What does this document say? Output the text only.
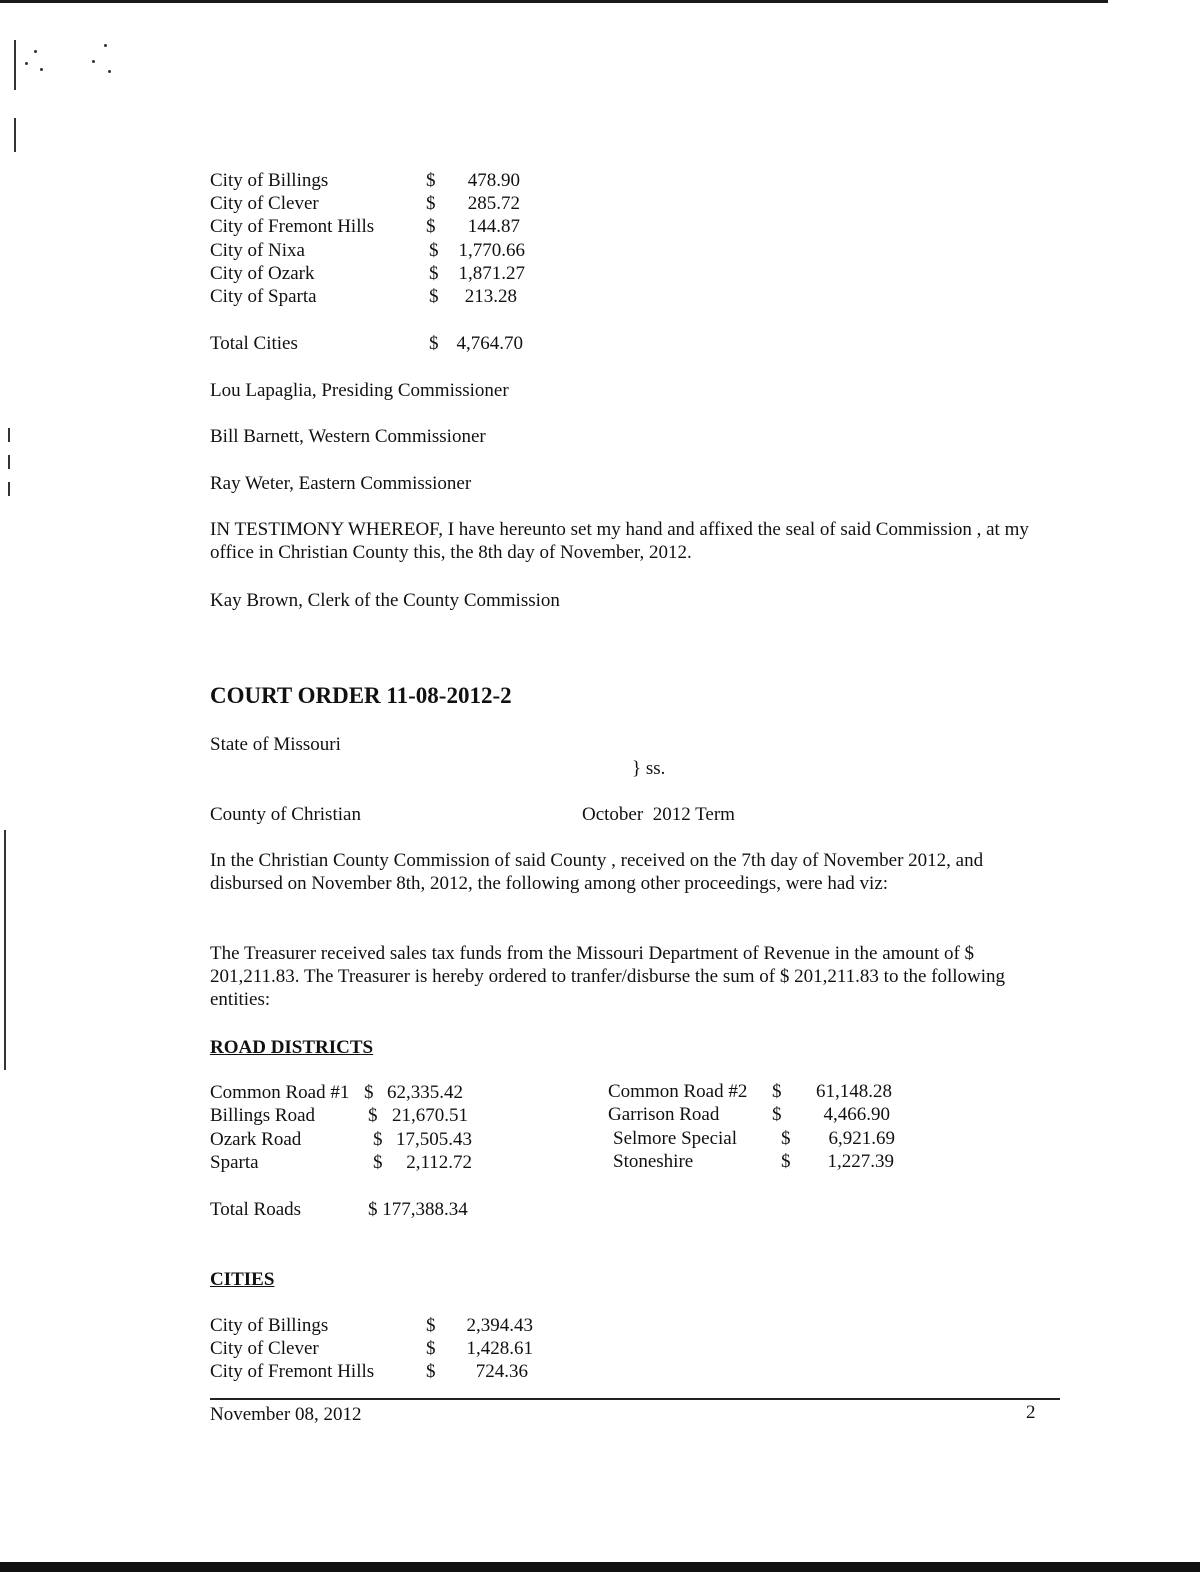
City of Billings	$ 478.90
City of Clever	$ 285.72
City of Fremont Hills	$ 144.87
City of Nixa	$ 1,770.66
City of Ozark	$ 1,871.27
City of Sparta	$ 213.28
Total Cities	$ 4,764.70
Lou Lapaglia, Presiding Commissioner
Bill Barnett, Western Commissioner
Ray Weter, Eastern Commissioner
IN TESTIMONY WHEREOF, I have hereunto set my hand and affixed the seal of said Commission , at my office in Christian County this, the 8th day of November, 2012.
Kay Brown, Clerk of the County Commission
COURT ORDER 11-08-2012-2
State of Missouri
} ss.
County of Christian	October  2012 Term
In the Christian County Commission of said County , received on the 7th day of November 2012, and disbursed on November 8th, 2012, the following among other proceedings, were had viz:
The Treasurer received sales tax funds from the Missouri Department of Revenue in the amount of $ 201,211.83. The Treasurer is hereby ordered to tranfer/disburse the sum of $ 201,211.83 to the following entities:
ROAD DISTRICTS
Common Road #1 $ 62,335.42
Billings Road	$ 21,670.51
Ozark Road	$ 17,505.43
Sparta	$ 2,112.72
Common Road #2 $ 61,148.28
Garrison Road	$ 4,466.90
Selmore Special $ 6,921.69
Stoneshire	$ 1,227.39
Total Roads	$ 177,388.34
CITIES
City of Billings	$ 2,394.43
City of Clever	$ 1,428.61
City of Fremont Hills	$ 724.36
November 08, 2012	2
